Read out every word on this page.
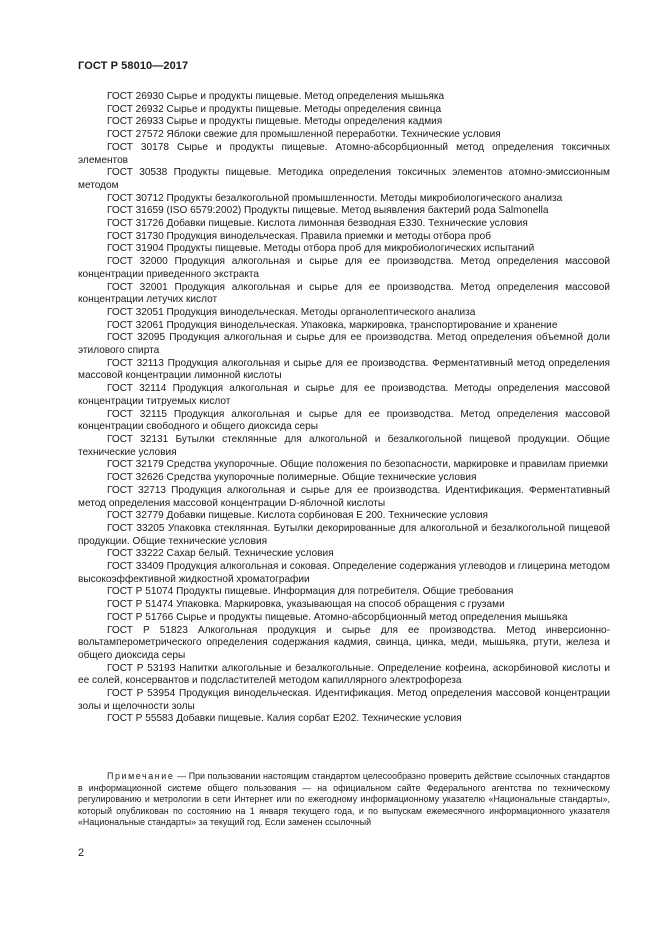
ГОСТ Р 58010—2017
ГОСТ 26930 Сырье и продукты пищевые. Метод определения мышьяка
ГОСТ 26932 Сырье и продукты пищевые. Методы определения свинца
ГОСТ 26933 Сырье и продукты пищевые. Методы определения кадмия
ГОСТ 27572 Яблоки свежие для промышленной переработки. Технические условия
ГОСТ 30178 Сырье и продукты пищевые. Атомно-абсорбционный метод определения токсичных элементов
ГОСТ 30538 Продукты пищевые. Методика определения токсичных элементов атомно-эмиссионным методом
ГОСТ 30712 Продукты безалкогольной промышленности. Методы микробиологического анализа
ГОСТ 31659 (ISO 6579:2002) Продукты пищевые. Метод выявления бактерий рода Salmonella
ГОСТ 31726 Добавки пищевые. Кислота лимонная безводная Е330. Технические условия
ГОСТ 31730 Продукция винодельческая. Правила приемки и методы отбора проб
ГОСТ 31904 Продукты пищевые. Методы отбора проб для микробиологических испытаний
ГОСТ 32000 Продукция алкогольная и сырье для ее производства. Метод определения массовой концентрации приведенного экстракта
ГОСТ 32001 Продукция алкогольная и сырье для ее производства. Метод определения массовой концентрации летучих кислот
ГОСТ 32051 Продукция винодельческая. Методы органолептического анализа
ГОСТ 32061 Продукция винодельческая. Упаковка, маркировка, транспортирование и хранение
ГОСТ 32095 Продукция алкогольная и сырье для ее производства. Метод определения объемной доли этилового спирта
ГОСТ 32113 Продукция алкогольная и сырье для ее производства. Ферментативный метод определения массовой концентрации лимонной кислоты
ГОСТ 32114 Продукция алкогольная и сырье для ее производства. Методы определения массовой концентрации титруемых кислот
ГОСТ 32115 Продукция алкогольная и сырье для ее производства. Метод определения массовой концентрации свободного и общего диоксида серы
ГОСТ 32131 Бутылки стеклянные для алкогольной и безалкогольной пищевой продукции. Общие технические условия
ГОСТ 32179 Средства укупорочные. Общие положения по безопасности, маркировке и правилам приемки
ГОСТ 32626 Средства укупорочные полимерные. Общие технические условия
ГОСТ 32713 Продукция алкогольная и сырье для ее производства. Идентификация. Ферментативный метод определения массовой концентрации D-яблочной кислоты
ГОСТ 32779 Добавки пищевые. Кислота сорбиновая Е 200. Технические условия
ГОСТ 33205 Упаковка стеклянная. Бутылки декорированные для алкогольной и безалкогольной пищевой продукции. Общие технические условия
ГОСТ 33222 Сахар белый. Технические условия
ГОСТ 33409 Продукция алкогольная и соковая. Определение содержания углеводов и глицерина методом высокоэффективной жидкостной хроматографии
ГОСТ Р 51074 Продукты пищевые. Информация для потребителя. Общие требования
ГОСТ Р 51474 Упаковка. Маркировка, указывающая на способ обращения с грузами
ГОСТ Р 51766 Сырье и продукты пищевые. Атомно-абсорбционный метод определения мышьяка
ГОСТ Р 51823 Алкогольная продукция и сырье для ее производства. Метод инверсионно-вольтамперометрического определения содержания кадмия, свинца, цинка, меди, мышьяка, ртути, железа и общего диоксида серы
ГОСТ Р 53193 Напитки алкогольные и безалкогольные. Определение кофеина, аскорбиновой кислоты и ее солей, консервантов и подсластителей методом капиллярного электрофореза
ГОСТ Р 53954 Продукция винодельческая. Идентификация. Метод определения массовой концентрации золы и щелочности золы
ГОСТ Р 55583 Добавки пищевые. Калия сорбат Е202. Технические условия

Примечание — При пользовании настоящим стандартом целесообразно проверить действие ссылочных стандартов в информационной системе общего пользования — на официальном сайте Федерального агентства по техническому регулированию и метрологии в сети Интернет или по ежегодному информационному указателю «Национальные стандарты», который опубликован по состоянию на 1 января текущего года, и по выпускам ежемесячного информационного указателя «Национальные стандарты» за текущий год. Если заменен ссылочный

2
